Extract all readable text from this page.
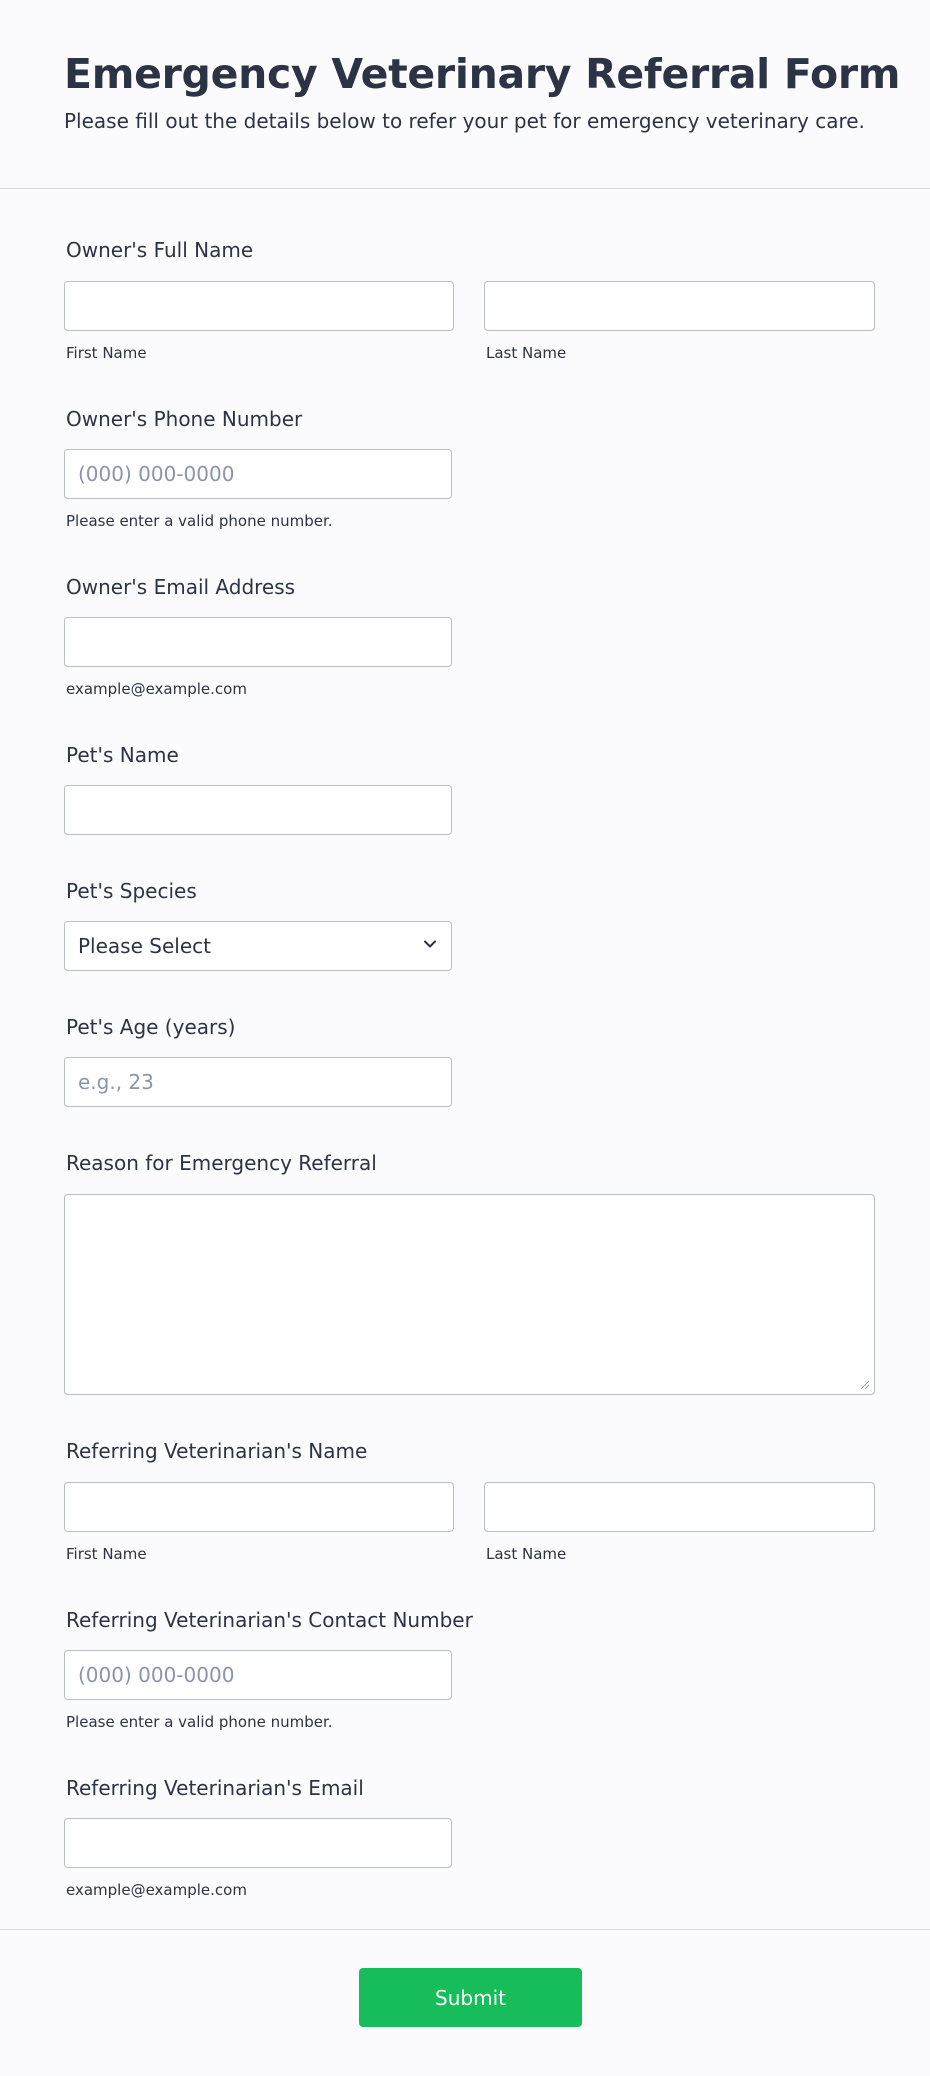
Emergency Veterinary Referral Form

Please fill out the details below to refer your pet for emergency veterinary care.

Owner's Full Name
First Name	Last Name
Owner's Phone Number
(000) 000-0000
Please enter a valid phone number.
Owner's Email Address
example@example.com
Pet's Name
Pet's Species
Please Select
Pet's Age (years)
e.g., 23
Reason for Emergency Referral
Referring Veterinarian's Name
First Name	Last Name
Referring Veterinarian's Contact Number
(000) 000-0000
Please enter a valid phone number.
Referring Veterinarian's Email
example@example.com
Submit
